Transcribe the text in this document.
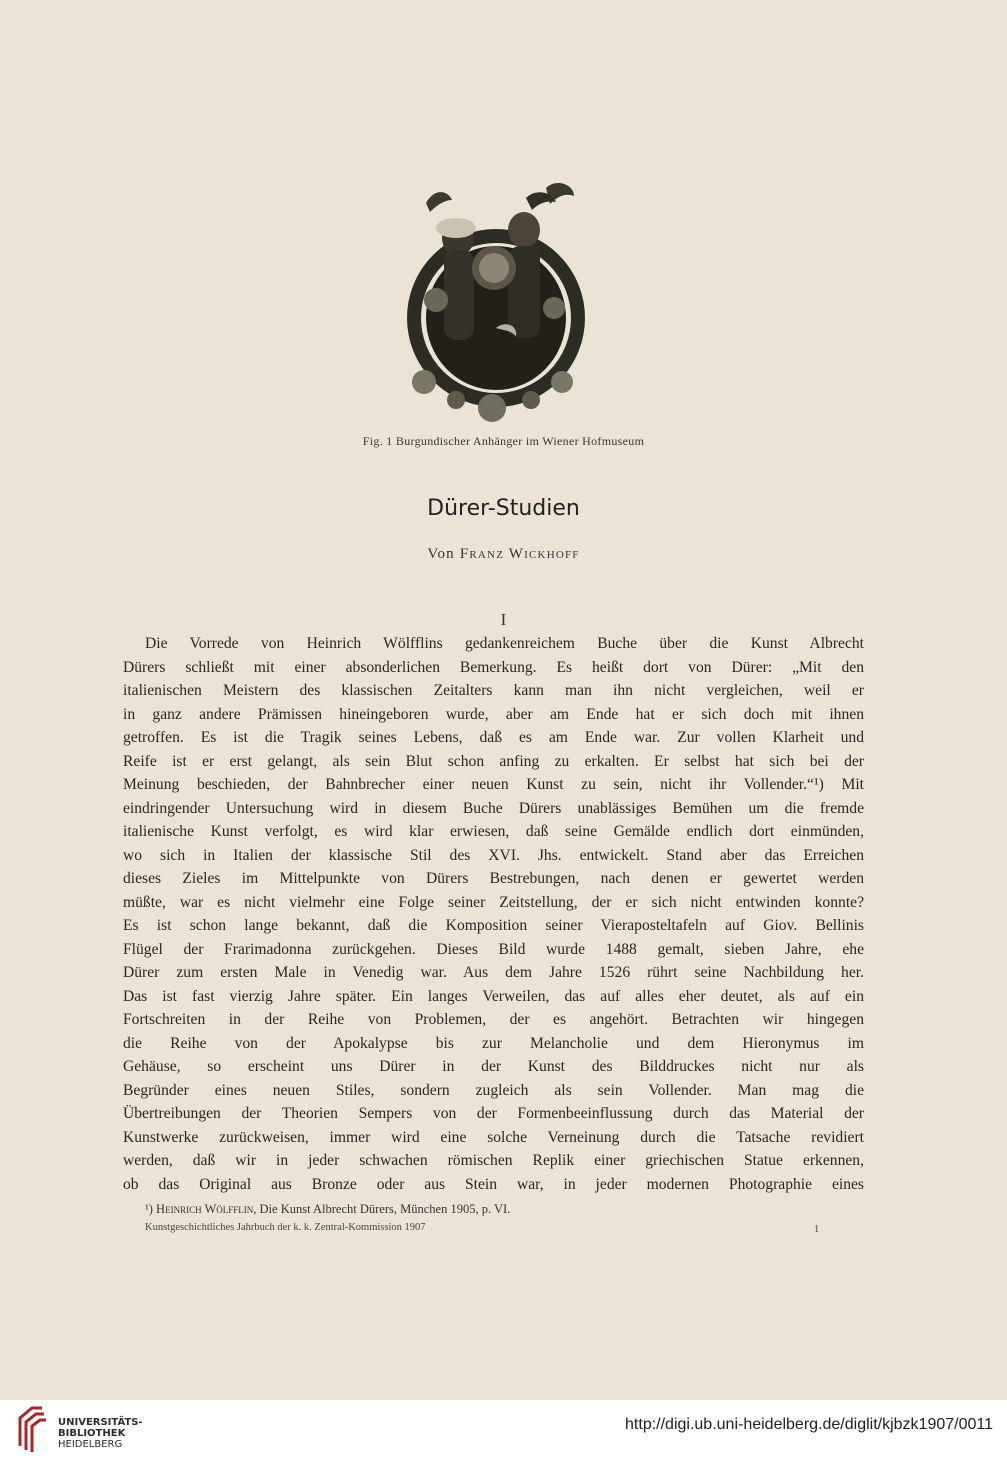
Fig. 1 Burgundischer Anhänger im Wiener Hofmuseum
Dürer-Studien
Von Franz Wickhoff
I
Die Vorrede von Heinrich Wölfflins gedankenreichem Buche über die Kunst Albrecht
Dürers schließt mit einer absonderlichen Bemerkung. Es heißt dort von Dürer: „Mit den
italienischen Meistern des klassischen Zeitalters kann man ihn nicht vergleichen, weil er
in ganz andere Prämissen hineingeboren wurde, aber am Ende hat er sich doch mit ihnen
getroffen. Es ist die Tragik seines Lebens, daß es am Ende war. Zur vollen Klarheit und
Reife ist er erst gelangt, als sein Blut schon anfing zu erkalten. Er selbst hat sich bei der
Meinung beschieden, der Bahnbrecher einer neuen Kunst zu sein, nicht ihr Vollender.“¹) Mit
eindringender Untersuchung wird in diesem Buche Dürers unablässiges Bemühen um die fremde
italienische Kunst verfolgt, es wird klar erwiesen, daß seine Gemälde endlich dort einmünden,
wo sich in Italien der klassische Stil des XVI. Jhs. entwickelt. Stand aber das Erreichen
dieses Zieles im Mittelpunkte von Dürers Bestrebungen, nach denen er gewertet werden
müßte, war es nicht vielmehr eine Folge seiner Zeitstellung, der er sich nicht entwinden konnte?
Es ist schon lange bekannt, daß die Komposition seiner Vieraposteltafeln auf Giov. Bellinis
Flügel der Frarimadonna zurückgehen. Dieses Bild wurde 1488 gemalt, sieben Jahre, ehe
Dürer zum ersten Male in Venedig war. Aus dem Jahre 1526 rührt seine Nachbildung her.
Das ist fast vierzig Jahre später. Ein langes Verweilen, das auf alles eher deutet, als auf ein
Fortschreiten in der Reihe von Problemen, der es angehört. Betrachten wir hingegen
die Reihe von der Apokalypse bis zur Melancholie und dem Hieronymus im
Gehäuse, so erscheint uns Dürer in der Kunst des Bilddruckes nicht nur als
Begründer eines neuen Stiles, sondern zugleich als sein Vollender. Man mag die
Übertreibungen der Theorien Sempers von der Formenbeeinflussung durch das Material der
Kunstwerke zurückweisen, immer wird eine solche Verneinung durch die Tatsache revidiert
werden, daß wir in jeder schwachen römischen Replik einer griechischen Statue erkennen,
ob das Original aus Bronze oder aus Stein war, in jeder modernen Photographie eines
¹) Heinrich Wölfflin, Die Kunst Albrecht Dürers, München 1905, p. VI.
Kunstgeschichtliches Jahrbuch der k. k. Zentral-Kommission 1907	1
UNIVERSITÄTS-
BIBLIOTHEK
HEIDELBERG
http://digi.ub.uni-heidelberg.de/diglit/kjbzk1907/0011
